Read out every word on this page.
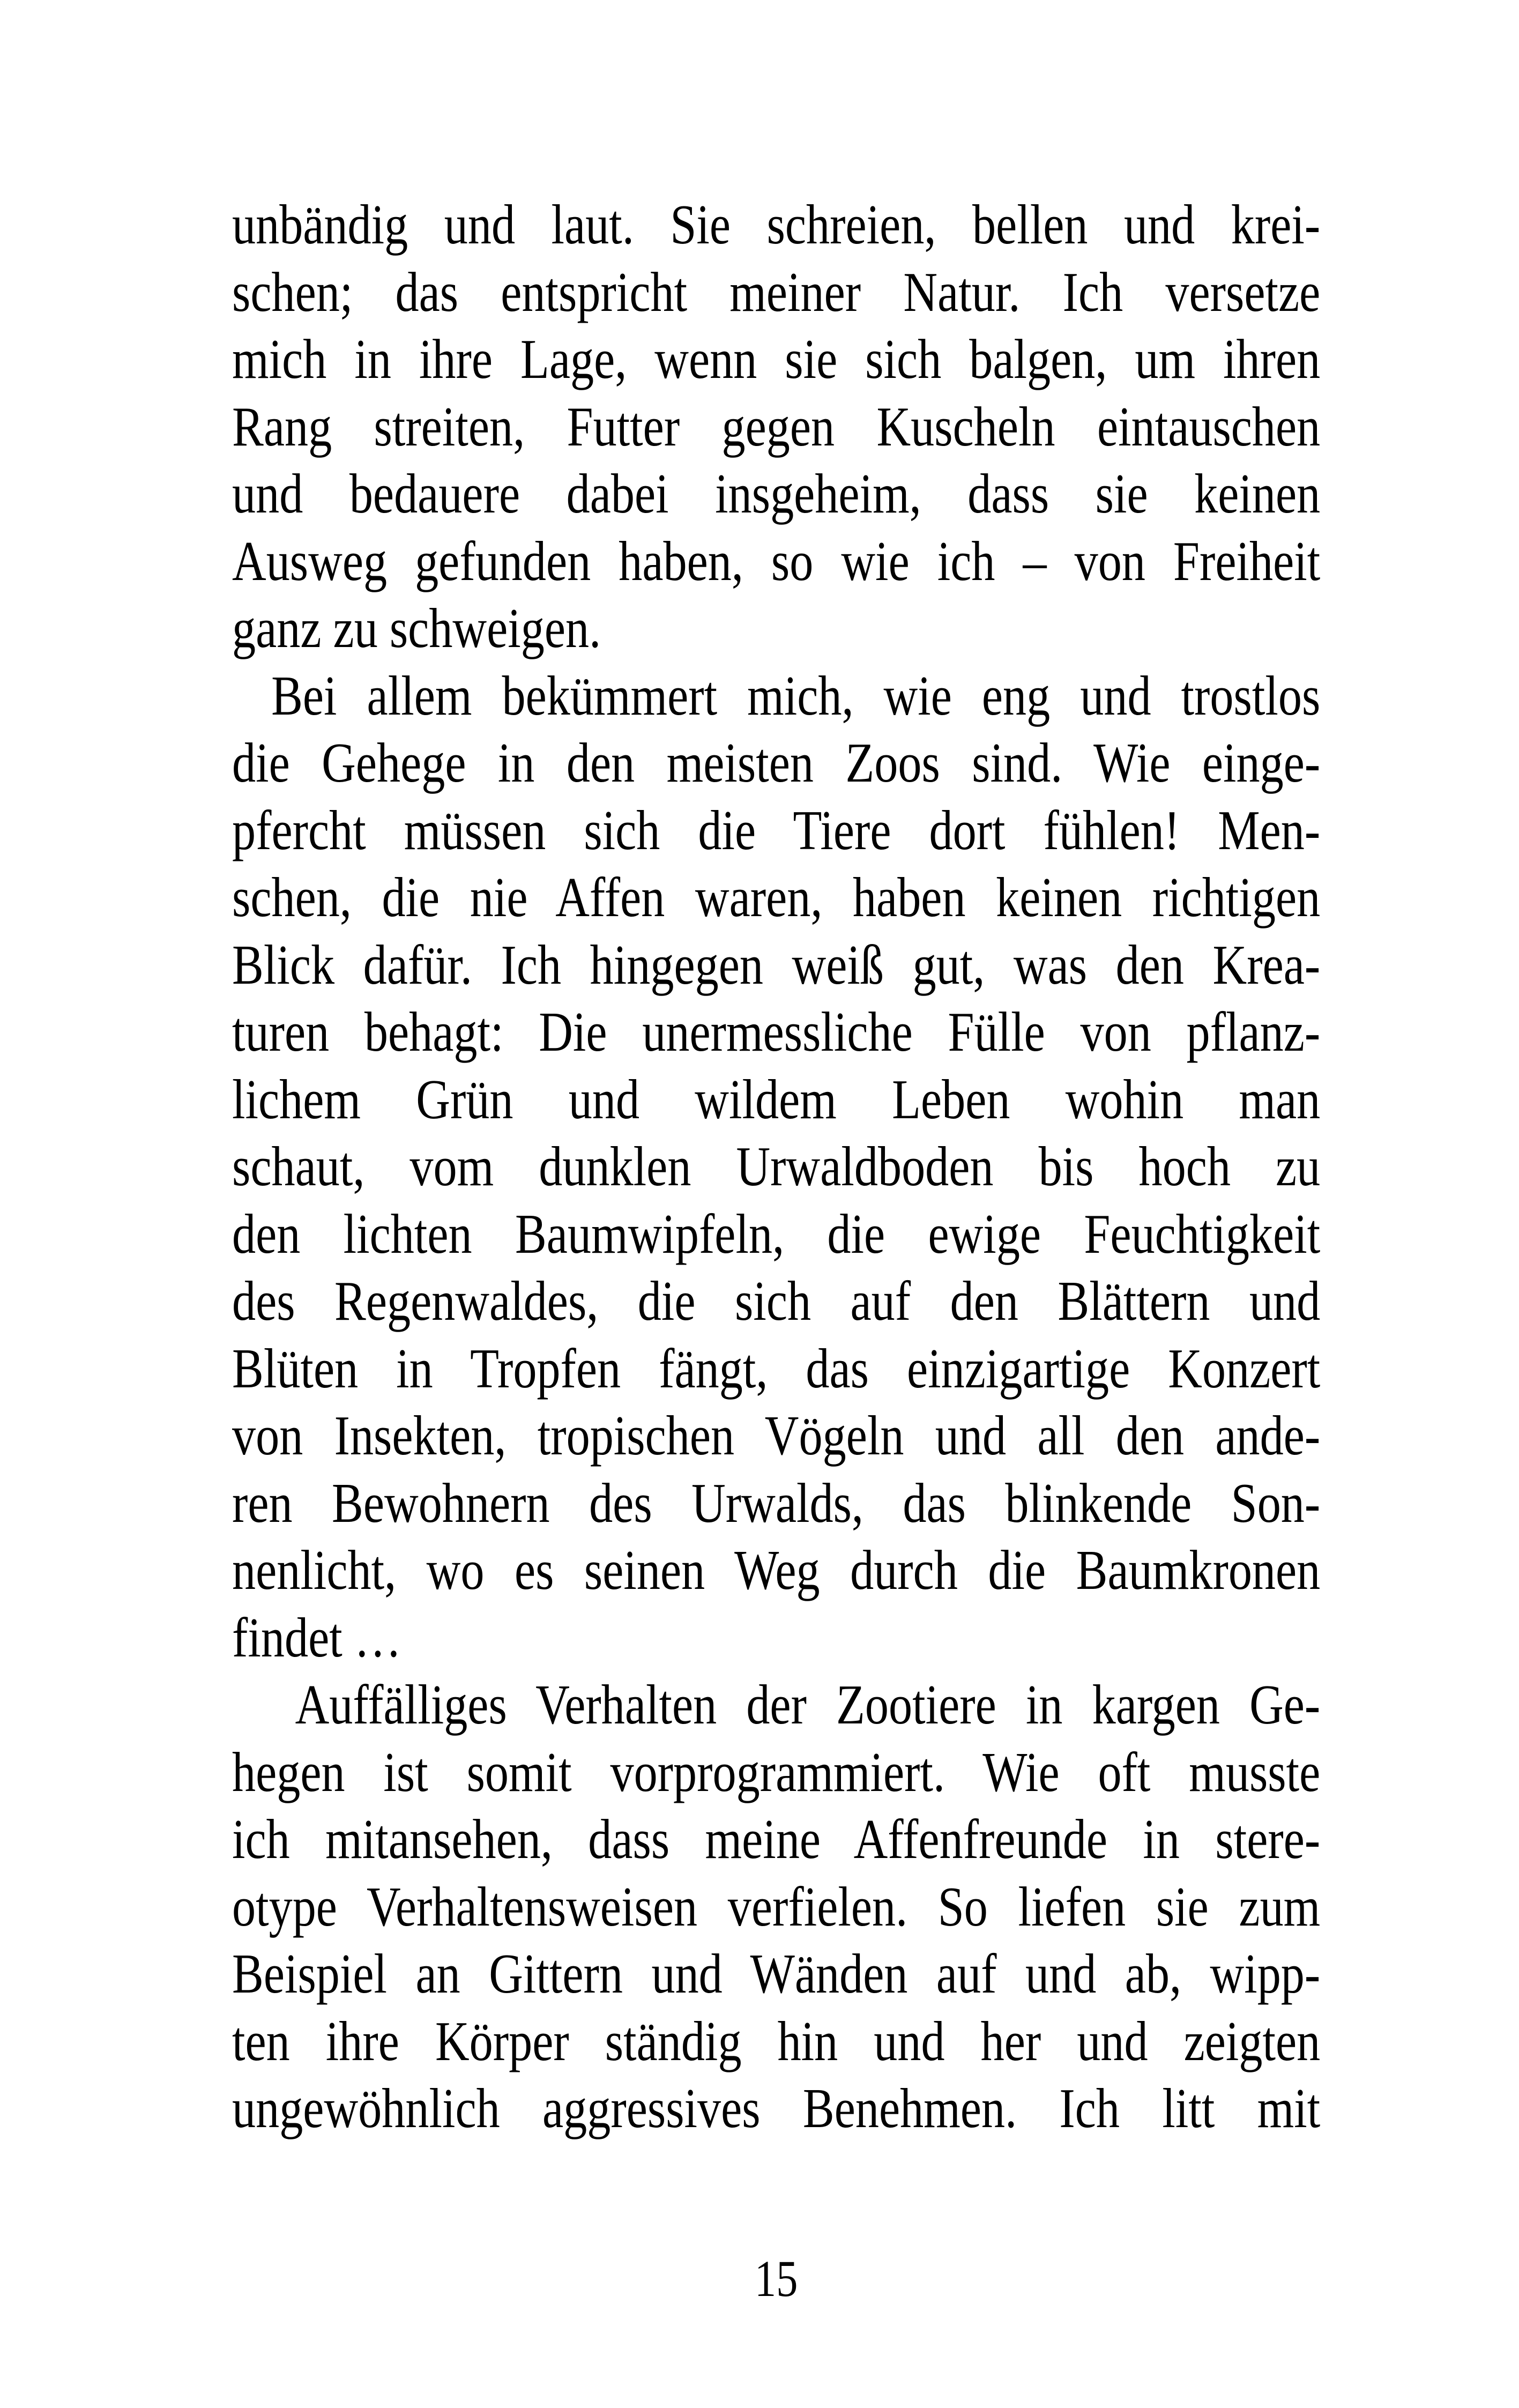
unbändig und laut. Sie schreien, bellen und krei-
schen; das entspricht meiner Natur. Ich versetze
mich in ihre Lage, wenn sie sich balgen, um ihren
Rang streiten, Futter gegen Kuscheln eintauschen
und bedauere dabei insgeheim, dass sie keinen
Ausweg gefunden haben, so wie ich – von Freiheit
ganz zu schweigen.
Bei allem bekümmert mich, wie eng und trostlos
die Gehege in den meisten Zoos sind. Wie einge-
pfercht müssen sich die Tiere dort fühlen! Men-
schen, die nie Affen waren, haben keinen richtigen
Blick dafür. Ich hingegen weiß gut, was den Krea-
turen behagt: Die unermessliche Fülle von pflanz-
lichem Grün und wildem Leben wohin man
schaut, vom dunklen Urwaldboden bis hoch zu
den lichten Baumwipfeln, die ewige Feuchtigkeit
des Regenwaldes, die sich auf den Blättern und
Blüten in Tropfen fängt, das einzigartige Konzert
von Insekten, tropischen Vögeln und all den ande-
ren Bewohnern des Urwalds, das blinkende Son-
nenlicht, wo es seinen Weg durch die Baumkronen
findet …
Auffälliges Verhalten der Zootiere in kargen Ge-
hegen ist somit vorprogrammiert. Wie oft musste
ich mitansehen, dass meine Affenfreunde in stere-
otype Verhaltensweisen verfielen. So liefen sie zum
Beispiel an Gittern und Wänden auf und ab, wipp-
ten ihre Körper ständig hin und her und zeigten
ungewöhnlich aggressives Benehmen. Ich litt mit
15
